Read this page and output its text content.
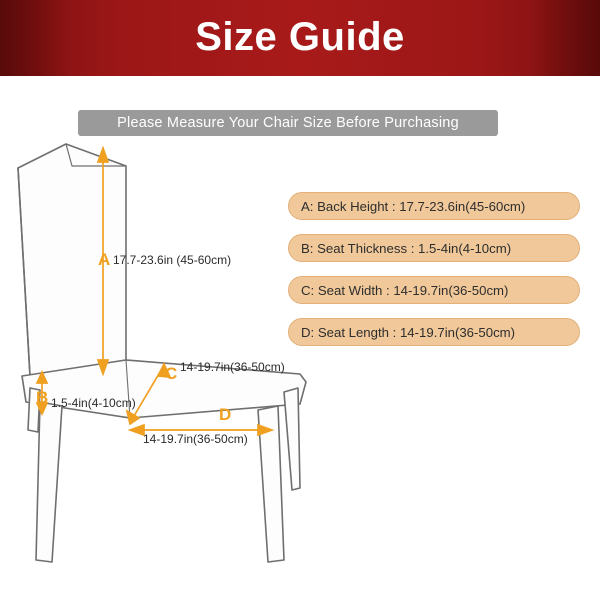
Size Guide
Please Measure Your Chair Size Before Purchasing
A 17.7-23.6in (45-60cm)
B 1.5-4in(4-10cm)
C 14-19.7in(36-50cm)
D
14-19.7in(36-50cm)
A: Back Height : 17.7-23.6in(45-60cm)
B: Seat Thickness : 1.5-4in(4-10cm)
C: Seat Width : 14-19.7in(36-50cm)
D: Seat Length : 14-19.7in(36-50cm)
